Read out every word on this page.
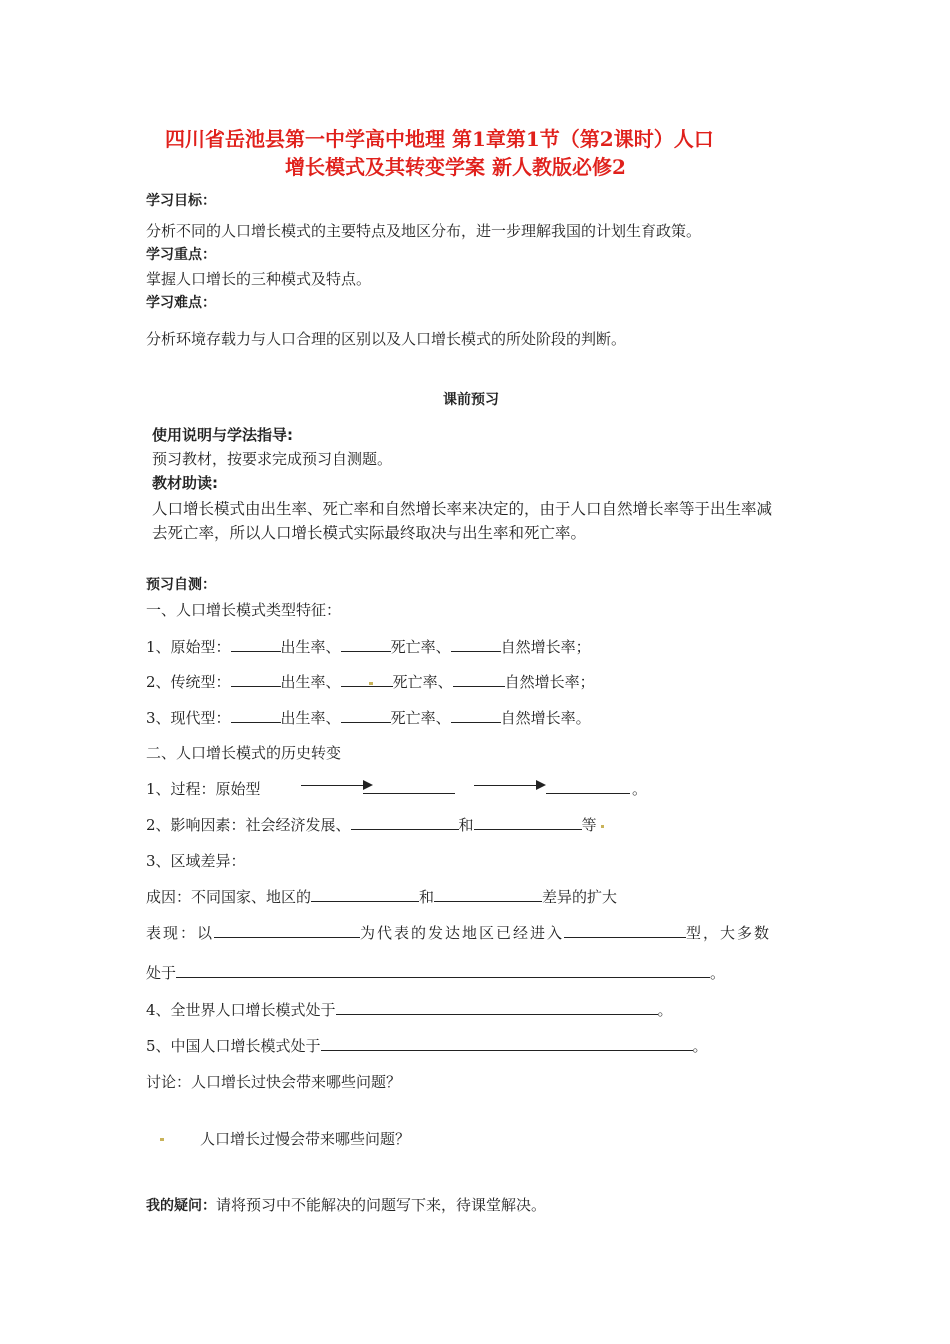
四川省岳池县第一中学高中地理 第1章第1节（第2课时）人口
增长模式及其转变学案 新人教版必修2
学习目标：
分析不同的人口增长模式的主要特点及地区分布，进一步理解我国的计划生育政策。
学习重点：
掌握人口增长的三种模式及特点。
学习难点：
分析环境存载力与人口合理的区别以及人口增长模式的所处阶段的判断。
课前预习
使用说明与学法指导:
预习教材，按要求完成预习自测题。
教材助读:
人口增长模式由出生率、死亡率和自然增长率来决定的，由于人口自然增长率等于出生率减
去死亡率，所以人口增长模式实际最终取决与出生率和死亡率。
预习自测：
一、人口增长模式类型特征：
1、原始型：	出生率、	死亡率、	自然增长率；
2、传统型：	出生率、	死亡率、	自然增长率；
3、现代型：	出生率、	死亡率、	自然增长率。
二、人口增长模式的历史转变
1、过程：原始型	。
2、影响因素：社会经济发展、	和	等
3、区域差异：
成因：不同国家、地区的	和	差异的扩大
表现：以	为代表的发达地区已经进入	型，大多数
处于	。
4、全世界人口增长模式处于	。
5、中国人口增长模式处于	。
讨论：人口增长过快会带来哪些问题？
人口增长过慢会带来哪些问题？
我的疑问：请将预习中不能解决的问题写下来，待课堂解决。
